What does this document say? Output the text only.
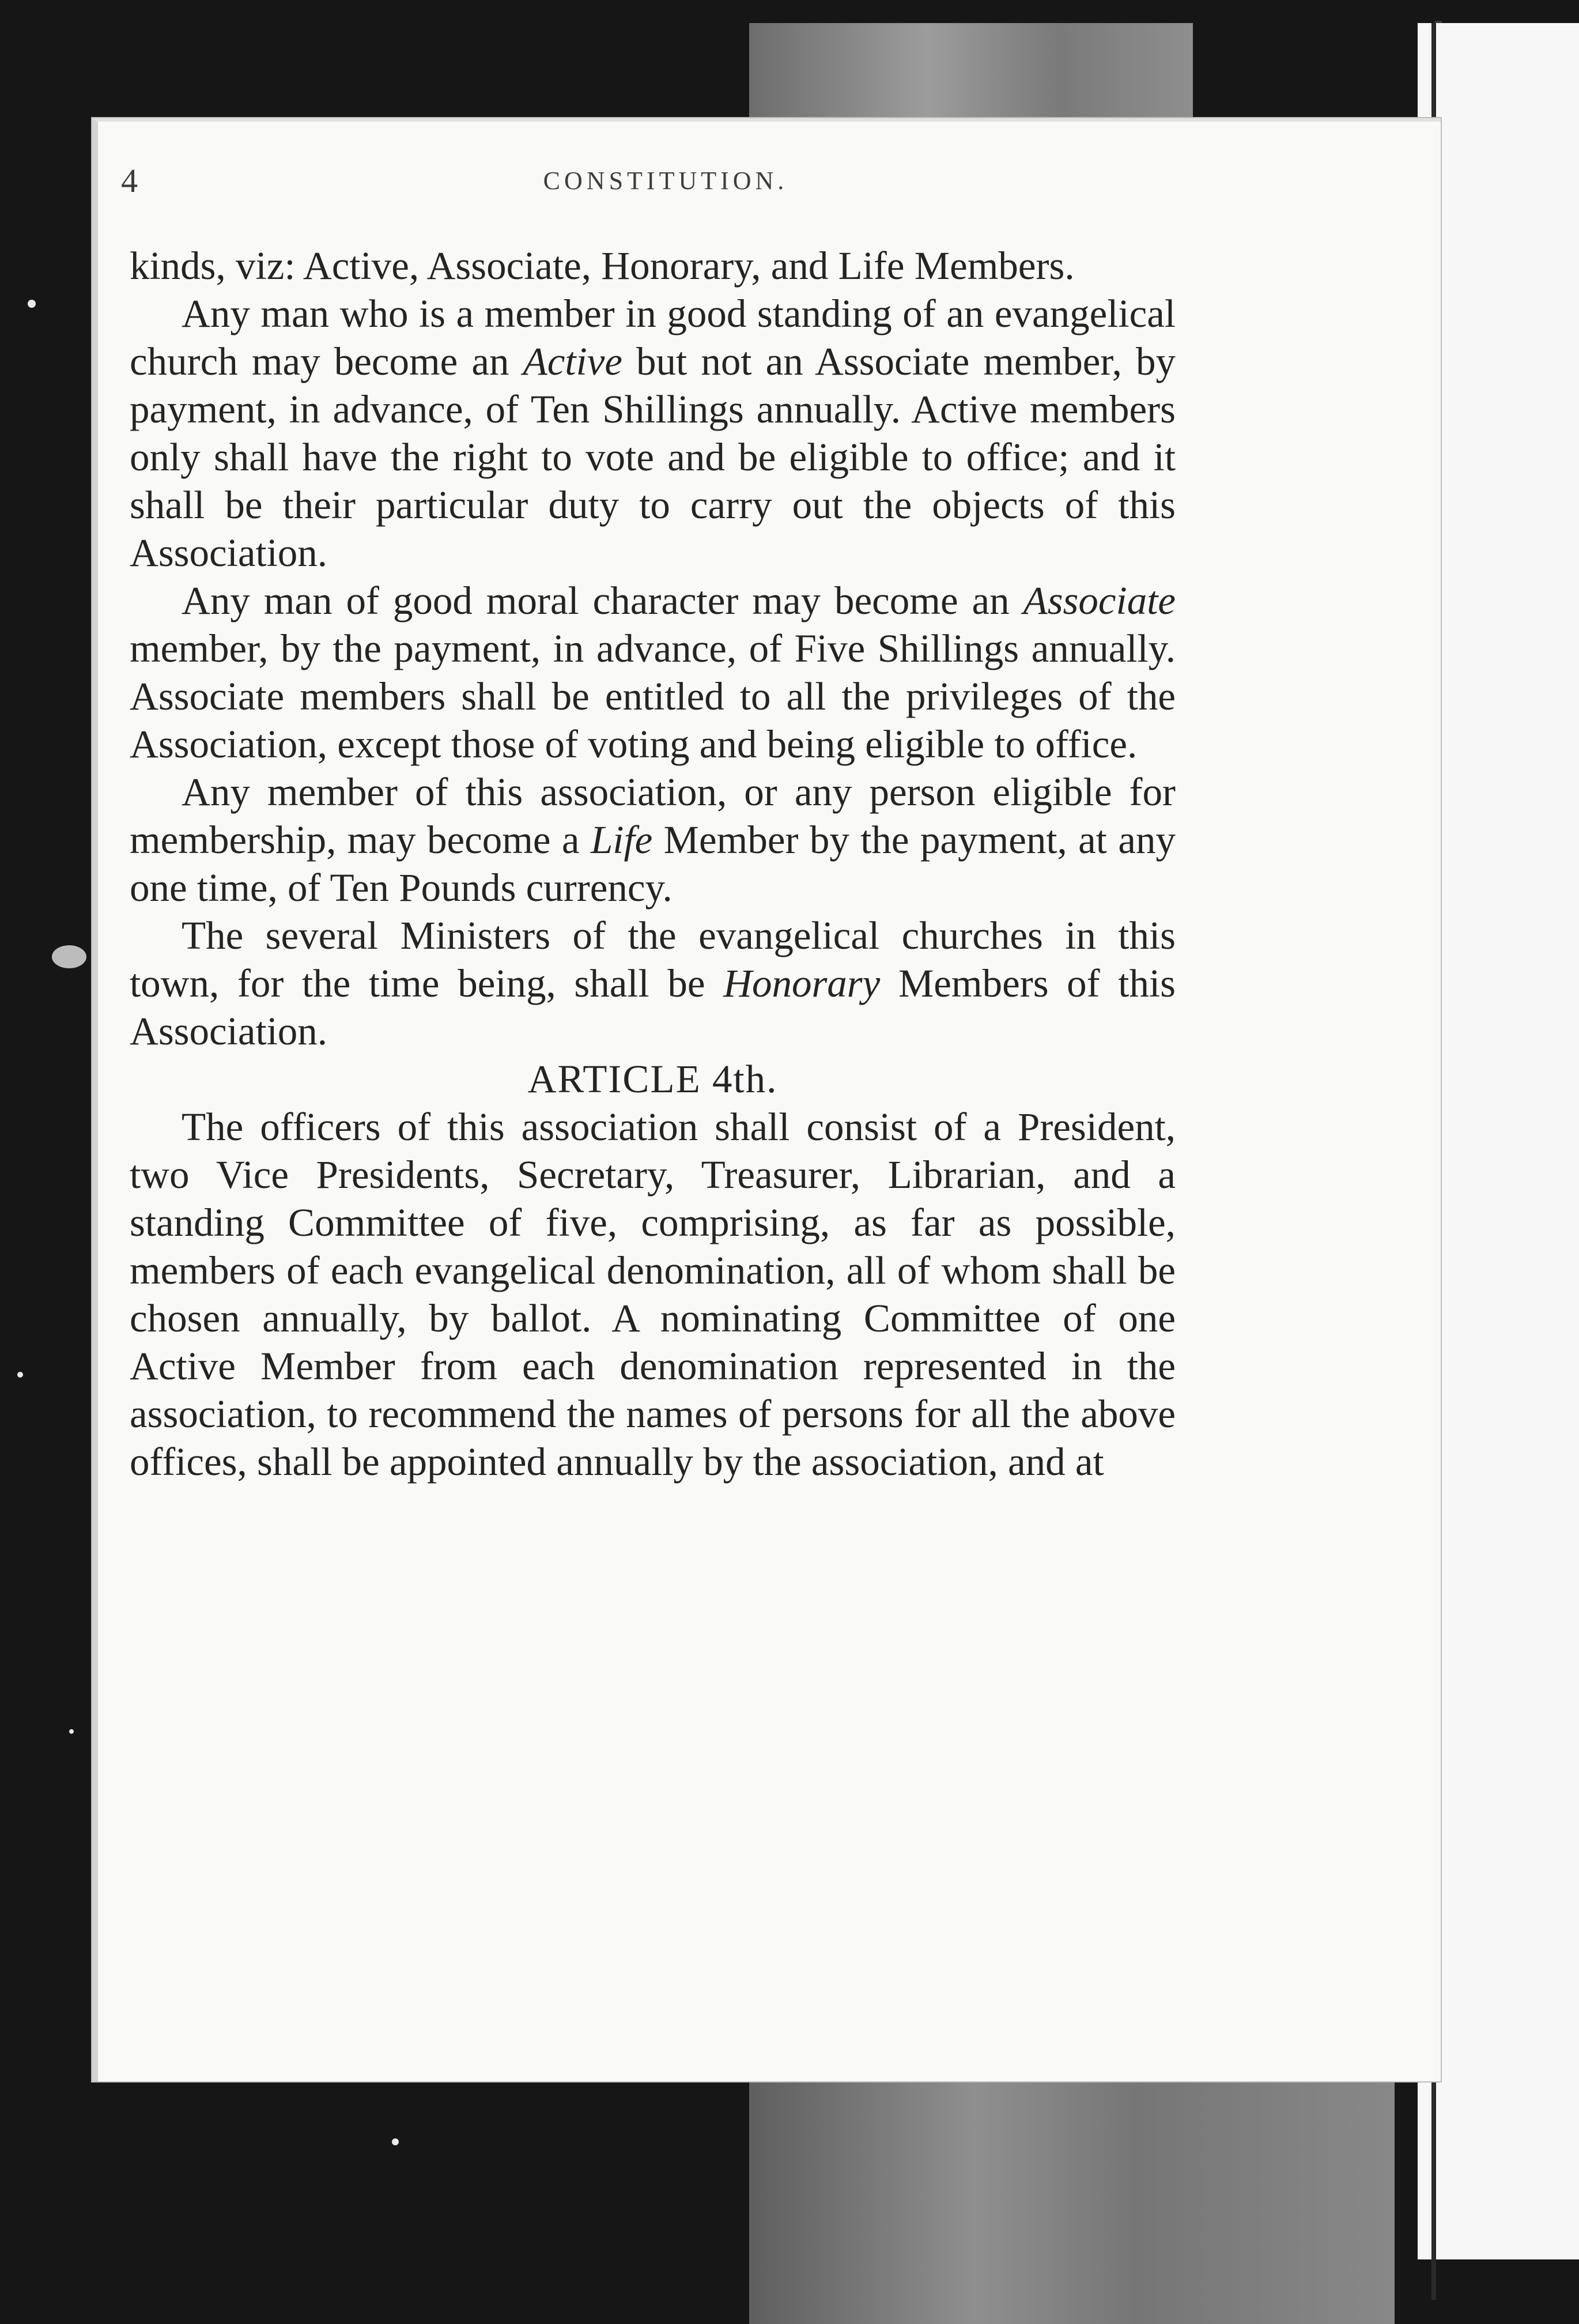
4	CONSTITUTION.

kinds, viz: Active, Associate, Honorary, and Life Members.

Any man who is a member in good standing of an evangelical church may become an Active but not an Associate member, by payment, in advance, of Ten Shillings annually. Active members only shall have the right to vote and be eligible to office; and it shall be their particular duty to carry out the objects of this Association.

Any man of good moral character may become an Associate member, by the payment, in advance, of Five Shillings annually. Associate members shall be entitled to all the privileges of the Association, except those of voting and being eligible to office.

Any member of this association, or any person eligible for membership, may become a Life Member by the payment, at any one time, of Ten Pounds currency.

The several Ministers of the evangelical churches in this town, for the time being, shall be Honorary Members of this Association.

ARTICLE 4th.

The officers of this association shall consist of a President, two Vice Presidents, Secretary, Treasurer, Librarian, and a standing Committee of five, comprising, as far as possible, members of each evangelical denomination, all of whom shall be chosen annually, by ballot. A nominating Committee of one Active Member from each denomination represented in the association, to recommend the names of persons for all the above offices, shall be appointed annually by the association, and at
